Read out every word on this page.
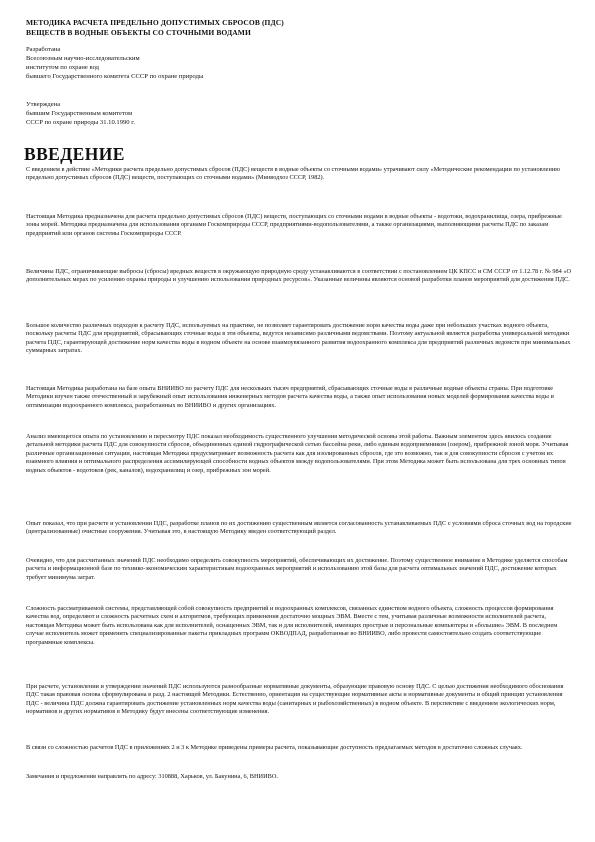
МЕТОДИКА РАСЧЕТА ПРЕДЕЛЬНО ДОПУСТИМЫХ СБРОСОВ (ПДС)
ВЕЩЕСТВ В ВОДНЫЕ ОБЪЕКТЫ СО СТОЧНЫМИ ВОДАМИ
Разработана
Всесоюзным научно-исследовательским
институтом по охране вод
бывшего Государственного комитета СССР по охране природы
Утверждена
бывшим Государственным комитетом
СССР по охране природы 31.10.1990 г.
ВВЕДЕНИЕ
С введением в действие «Методики расчета предельно допустимых сбросов (ПДС) веществ в водные объекты со сточными водами» утрачивают силу «Методические рекомендации по установлению предельно допустимых сбросов (ПДС) веществ, поступающих со сточными водами» (Минводхоз СССР, 1982).
Настоящая Методика предназначена для расчета предельно допустимых сбросов (ПДС) веществ, поступающих со сточными водами в водные объекты - водотоки, водохранилища, озера, прибрежные зоны морей. Методика предназначена для использования органами Госкомприроды СССР, предприятиями-водопользователями, а также организациями, выполняющими расчеты ПДС по заказам предприятий или органов системы Госкомприроды СССР.
Величины ПДС, ограничивающие выбросы (сбросы) вредных веществ в окружающую природную среду устанавливаются в соответствии с постановлением ЦК КПСС и СМ СССР от 1.12.78 г. № 984 «О дополнительных мерах по усилению охраны природы и улучшению использования природных ресурсов». Указанные величины являются основой разработки планов мероприятий для достижения ПДС.
Большое количество различных подходов к расчету ПДС, используемых на практике, не позволяет гарантировать достижение норм качества воды даже при небольших участках водного объекта, поскольку расчеты ПДС для предприятий, сбрасывающих сточные воды в эти объекты, ведутся независимо различными ведомствами. Поэтому актуальной является разработка универсальной методики расчета ПДС, гарантирующей достижение норм качества воды в водном объекте на основе взаимоувязанного развития водоохранного комплекса для предприятий различных ведомств при минимальных суммарных затратах.
Настоящая Методика разработана на базе опыта ВНИИВО по расчету ПДС для нескольких тысяч предприятий, сбрасывающих сточные воды в различные водные объекты страны. При подготовке Методики изучен также отечественный и зарубежный опыт использования инженерных методов расчета качества воды, а также опыт использования новых моделей формирования качества воды и оптимизации водоохранного комплекса, разработанных во ВНИИВО и других организациях.
Анализ имеющегося опыта по установлению и пересмотру ПДС показал необходимость существенного улучшения методической основы этой работы. Важным элементом здесь явилось создание детальной методики расчета ПДС для совокупности сбросов, объединенных единой гидрографической сетью бассейна реки, либо единым водоприемником (озером), прибрежной зоной моря. Учитывая различные организационные ситуации, настоящая Методика предусматривает возможность расчета как для изолированных сбросов, где это возможно, так и для совокупности сбросов с учетом их взаимного влияния и оптимального распределения ассимилирующей способности водных объектов между водопользователями. При этом Методика может быть использована для трех основных типов водных объектов - водотоков (рек, каналов), водохранилищ и озер, прибрежных зон морей.
Опыт показал, что при расчете и установлении ПДС, разработке планов по их достижению существенным является согласованность устанавливаемых ПДС с условиями сброса сточных вод на городские (централизованные) очистные сооружения. Учитывая это, в настоящую Методику введен соответствующий раздел.
Очевидно, что для рассчитанных значений ПДС необходимо определить совокупность мероприятий, обеспечивающих их достижение. Поэтому существенное внимание в Методике уделяется способам расчета и информационной базе по технико-экономическим характеристикам водоохранных мероприятий и использованию этой базы для расчета оптимальных значений ПДС, достижение которых требует минимума затрат.
Сложность рассматриваемой системы, представляющей собой совокупность предприятий и водоохранных комплексов, связанных единством водного объекта, сложность процессов формирования качества вод, определяют и сложность расчетных схем и алгоритмов, требующих применения достаточно мощных ЭВМ. Вместе с тем, учитывая различные возможности исполнителей расчета, настоящая Методика может быть использована как для исполнителей, оснащенных ЭВМ, так и для исполнителей, имеющих прострые и персональные компьютеры и «большие» ЭВМ. В последнем случае исполнитель может применить специализированные пакеты прикладных программ ОКВОДПАД, разработанные во ВНИИВО, либо провести самостоятельно создать соответствующие программные комплексы.
При расчете, установлении и утверждении значений ПДС используются разнообразные нормативные документы, образующие правовую основу ПДС. С целью достижения необходимого обоснования ПДС такая правовая основа сформулирована в разд. 2 настоящей Методики. Естественно, ориентация на существующие нормативные акты и нормативные документы и общий принцип установления ПДС - величина ПДС должна гарантировать достижение установленных норм качества воды (санитарных и рыбохозяйственных) в водном объекте. В перспективе с введением экологических норм, нормативов и других нормативов в Методику будут внесены соответствующие изменения.
В связи со сложностью расчетов ПДС в приложениях 2 и 3 к Методике приведены примеры расчета, показывающие доступность предлагаемых методов в достаточно сложных случаях.
Замечания и предложения направлять по адресу: 310888, Харьков, ул. Бакунина, 6, ВНИИВО.
